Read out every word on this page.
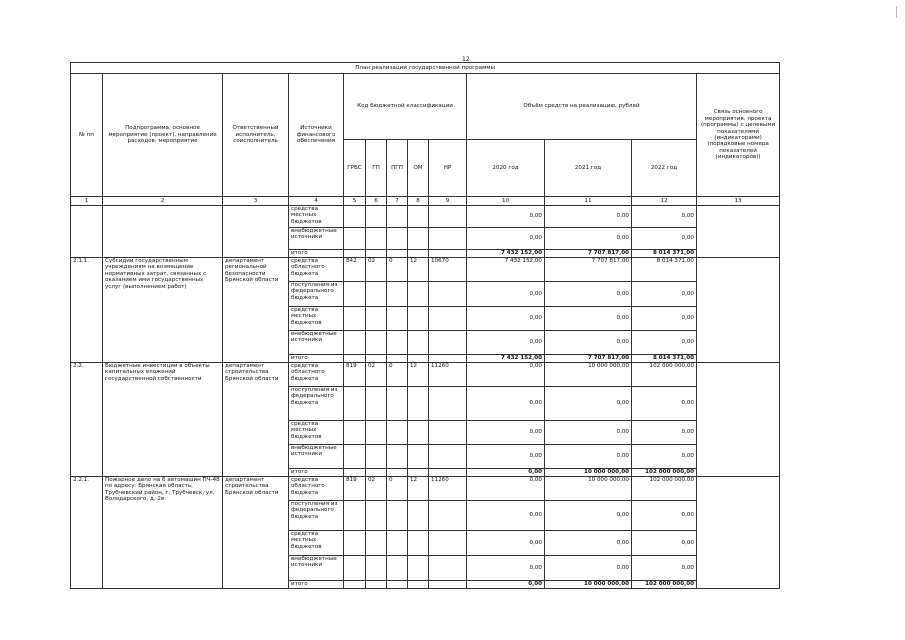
12
План реализации государственной программы												
№ пп	Подпрограмма, основное мероприятие (проект), направление расходов, мероприятие	Ответственный исполнитель, соисполнитель	Источники финансового обеспечения	Код бюджетной классификации					Объём средств на реализацию, рублей			Связь основного мероприятия, проекта (программы) с целевыми показателями (индикаторами) (порядковые номера показателей (индикаторов))
				ГРБС	ГП	ПГП	ОМ	НР	2020 год	2021 год	2022 год	
1	2	3	4	5	6	7	8	9	10	11	12	13
			средства местных бюджетов						0,00	0,00	0,00	
			внебюджетные источники						0,00	0,00	0,00	
			итого						7 432 152,00	7 707 817,00	8 014 371,00	
2.1.1.	Субсидии государственным учреждениям на возмещение нормативных затрат, связанных с оказанием ими государственных услуг (выполнением работ)	департамент региональной безопасности Брянской области	средства областного бюджета	842	02	0	12	10670	7 432 152,00	7 707 817,00	8 014 371,00	
			поступления из федерального бюджета						0,00	0,00	0,00	
			средства местных бюджетов						0,00	0,00	0,00	
			внебюджетные источники						0,00	0,00	0,00	
			итого						7 432 152,00	7 707 817,00	8 014 371,00	
2.2.	Бюджетные инвестиции в объекты капитальных вложений государственной собственности	департамент строительства Брянской области	средства областного бюджета	819	02	0	12	11260	0,00	10 000 000,00	102 000 000,00	
			поступления из федерального бюджета						0,00	0,00	0,00	
			средства местных бюджетов						0,00	0,00	0,00	
			внебюджетные источники						0,00	0,00	0,00	
			итого						0,00	10 000 000,00	102 000 000,00	
2.2.1.	Пожарное депо на 6 автомашин ПЧ-48 по адресу: Брянская область, Трубчевский район, г. Трубчевск, ул. Володарского, д. 2е	департамент строительства Брянской области	средства областного бюджета	819	02	0	12	11260	0,00	10 000 000,00	102 000 000,00	
			поступления из федерального бюджета						0,00	0,00	0,00	
			средства местных бюджетов						0,00	0,00	0,00	
			внебюджетные источники						0,00	0,00	0,00	
			итого						0,00	10 000 000,00	102 000 000,00	
